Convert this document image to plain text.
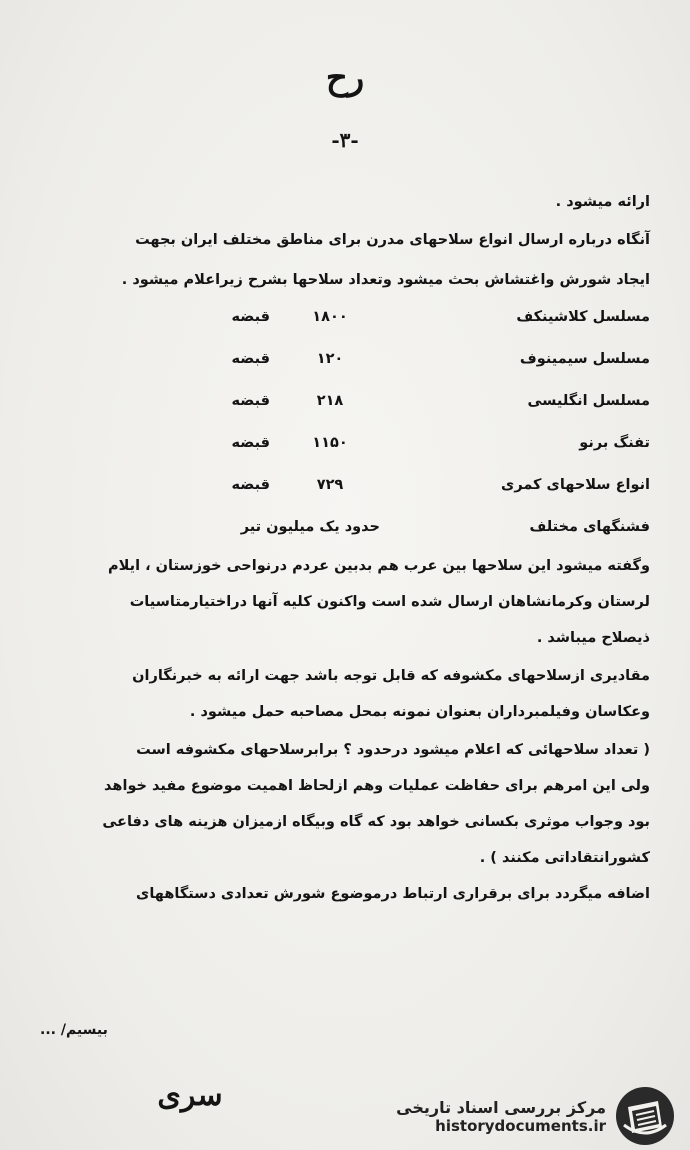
رح
-۳-
ارائه میشود .
آنگاه درباره ارسال انواع سلاحهای مدرن برای مناطق مختلف ایران بجهت
ایجاد شورش واغتشاش بحث میشود وتعداد سلاحها بشرح زیراعلام میشود .
مسلسل کلاشینکف
۱۸۰۰
قبضه
مسلسل سیمینوف
۱۲۰
قبضه
مسلسل انگلیسی
۲۱۸
قبضه
تفنگ برنو
۱۱۵۰
قبضه
انواع سلاحهای کمری
۷۲۹
قبضه
فشنگهای مختلف
حدود یک میلیون تیر
وگفته میشود این سلاحها بین عرب هم بدبین عردم درنواحی خوزستان ، ایلام
لرستان وکرمانشاهان ارسال شده است واکنون کلیه آنها دراختیارمتاسیات
ذیصلاح میباشد .
مقادیری ازسلاحهای مکشوفه که قابل توجه باشد جهت ارائه به خبرنگاران
وعکاسان وفیلمبرداران بعنوان نمونه بمحل مصاحبه حمل میشود .
( تعداد سلاحهائی که اعلام میشود درحدود ؟ برابرسلاحهای مکشوفه است
ولی این امرهم برای حفاظت عملیات وهم ازلحاظ اهمیت موضوع مفید خواهد
بود وجواب موثری بکسانی خواهد بود که گاه وبیگاه ازمیزان هزینه های دفاعی
کشورانتقاداتی مکنند ) .
اضافه میگردد برای برقراری ارتباط درموضوع شورش تعدادی دستگاههای
بیسیم/ ...
سری	مرکز بررسی اسناد تاریخی
historydocuments.ir
